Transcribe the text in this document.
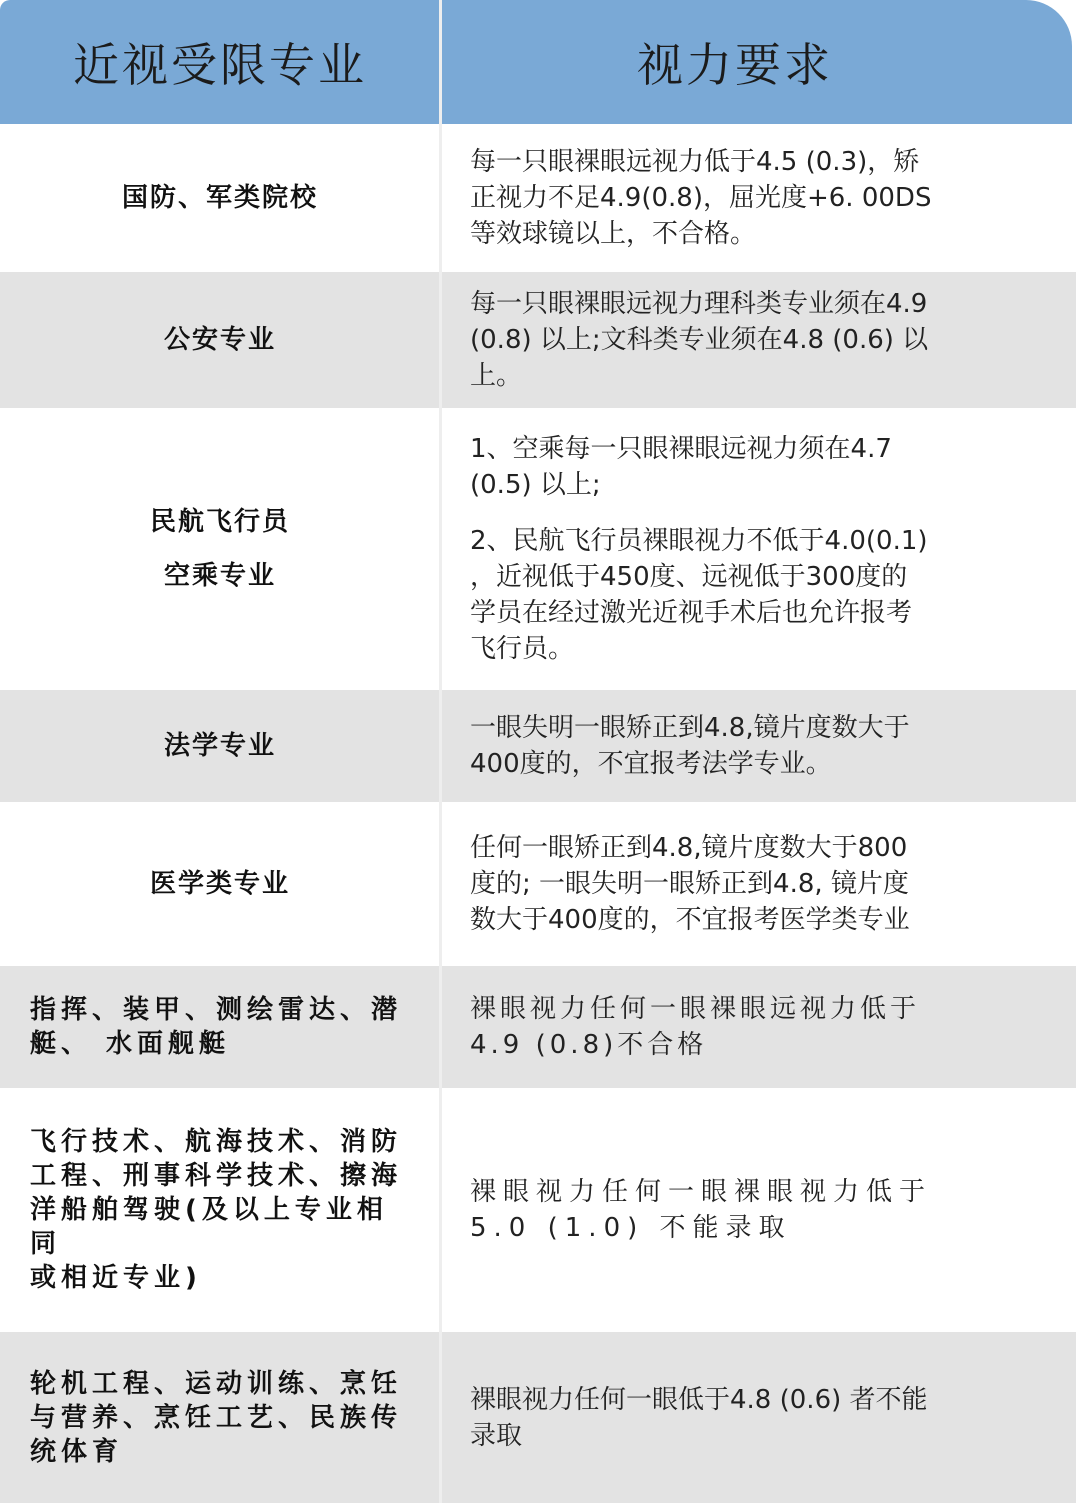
近视受限专业	视力要求
国防、军类院校
每一只眼裸眼远视力低于4.5 (0.3)，矫
正视力不足4.9(0.8)，屈光度+6. 00DS
等效球镜以上，不合格。
公安专业
每一只眼裸眼远视力理科类专业须在4.9
(0.8) 以上;文科类专业须在4.8 (0.6) 以
上。
民航飞行员
空乘专业
1、空乘每一只眼裸眼远视力须在4.7
(0.5) 以上;
2、民航飞行员裸眼视力不低于4.0(0.1)
，近视低于450度、远视低于300度的
学员在经过激光近视手术后也允许报考
飞行员。
法学专业
一眼失明一眼矫正到4.8,镜片度数大于
400度的，不宜报考法学专业。
医学类专业
任何一眼矫正到4.8,镜片度数大于800
度的; 一眼失明一眼矫正到4.8, 镜片度
数大于400度的，不宜报考医学类专业
指挥、装甲、测绘雷达、潜
艇、 水面舰艇
裸眼视力任何一眼裸眼远视力低于
4.9 (0.8)不合格
飞行技术、航海技术、消防
工程、刑事科学技术、擦海
洋船舶驾驶(及以上专业相同
或相近专业)
裸眼视力任何一眼裸眼视力低于
5.0 (1.0) 不能录取
轮机工程、运动训练、烹饪
与营养、烹饪工艺、民族传
统体育
裸眼视力任何一眼低于4.8 (0.6) 者不能
录取
